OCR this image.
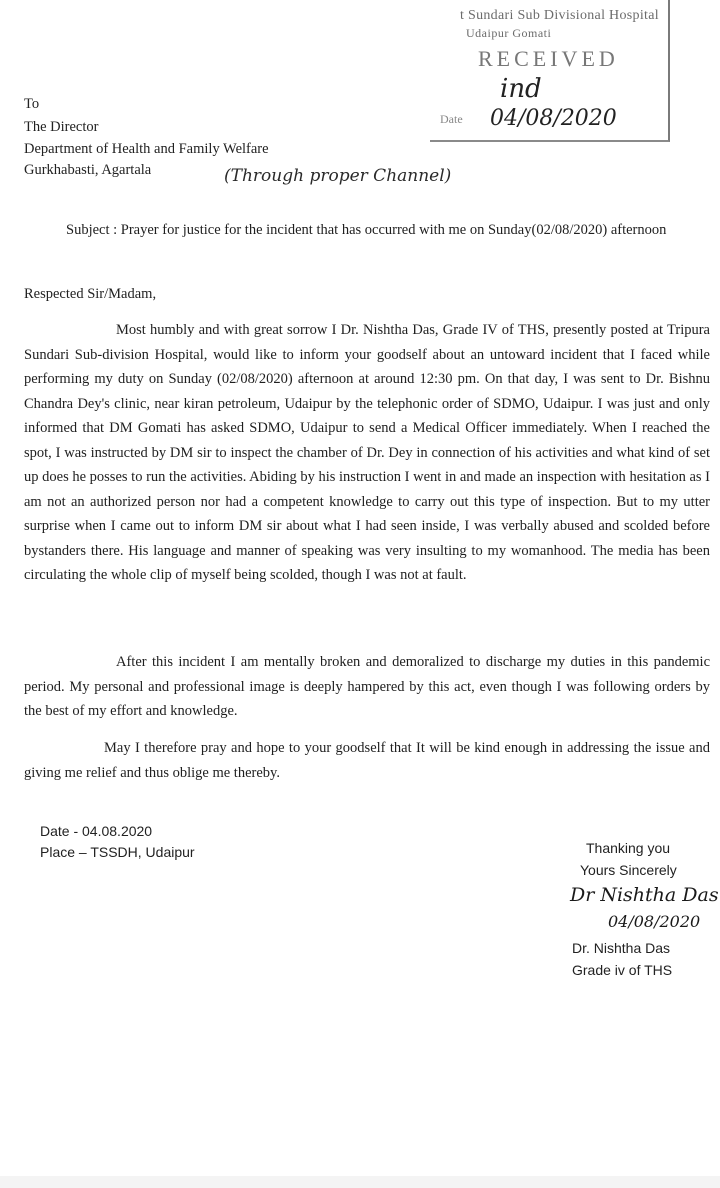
t Sundari Sub Divisional Hospital
Udaipur Gomati
RECEIVED
ind
Date 04/08/2020
To
The Director
Department of Health and Family Welfare
Gurkhabasti, Agartala	(Through proper Channel)
Subject : Prayer for justice for the incident that has occurred with me on Sunday(02/08/2020) afternoon
Respected Sir/Madam,
Most humbly and with great sorrow I Dr. Nishtha Das, Grade IV of THS, presently posted at Tripura Sundari Sub-division Hospital, would like to inform your goodself about an untoward incident that I faced while performing my duty on Sunday (02/08/2020) afternoon at around 12:30 pm. On that day, I was sent to Dr. Bishnu Chandra Dey's clinic, near kiran petroleum, Udaipur by the telephonic order of SDMO, Udaipur. I was just and only informed that DM Gomati has asked SDMO, Udaipur to send a Medical Officer immediately. When I reached the spot, I was instructed by DM sir to inspect the chamber of Dr. Dey in connection of his activities and what kind of set up does he posses to run the activities. Abiding by his instruction I went in and made an inspection with hesitation as I am not an authorized person nor had a competent knowledge to carry out this type of inspection. But to my utter surprise when I came out to inform DM sir about what I had seen inside, I was verbally abused and scolded before bystanders there. His language and manner of speaking was very insulting to my womanhood. The media has been circulating the whole clip of myself being scolded, though I was not at fault.
After this incident I am mentally broken and demoralized to discharge my duties in this pandemic period. My personal and professional image is deeply hampered by this act, even though I was following orders by the best of my effort and knowledge.
May I therefore pray and hope to your goodself that It will be kind enough in addressing the issue and giving me relief and thus oblige me thereby.
Date - 04.08.2020
Place – TSSDH, Udaipur	Thanking you
Yours Sincerely
Dr Nishtha Das
04/08/2020
Dr. Nishtha Das
Grade iv of THS
